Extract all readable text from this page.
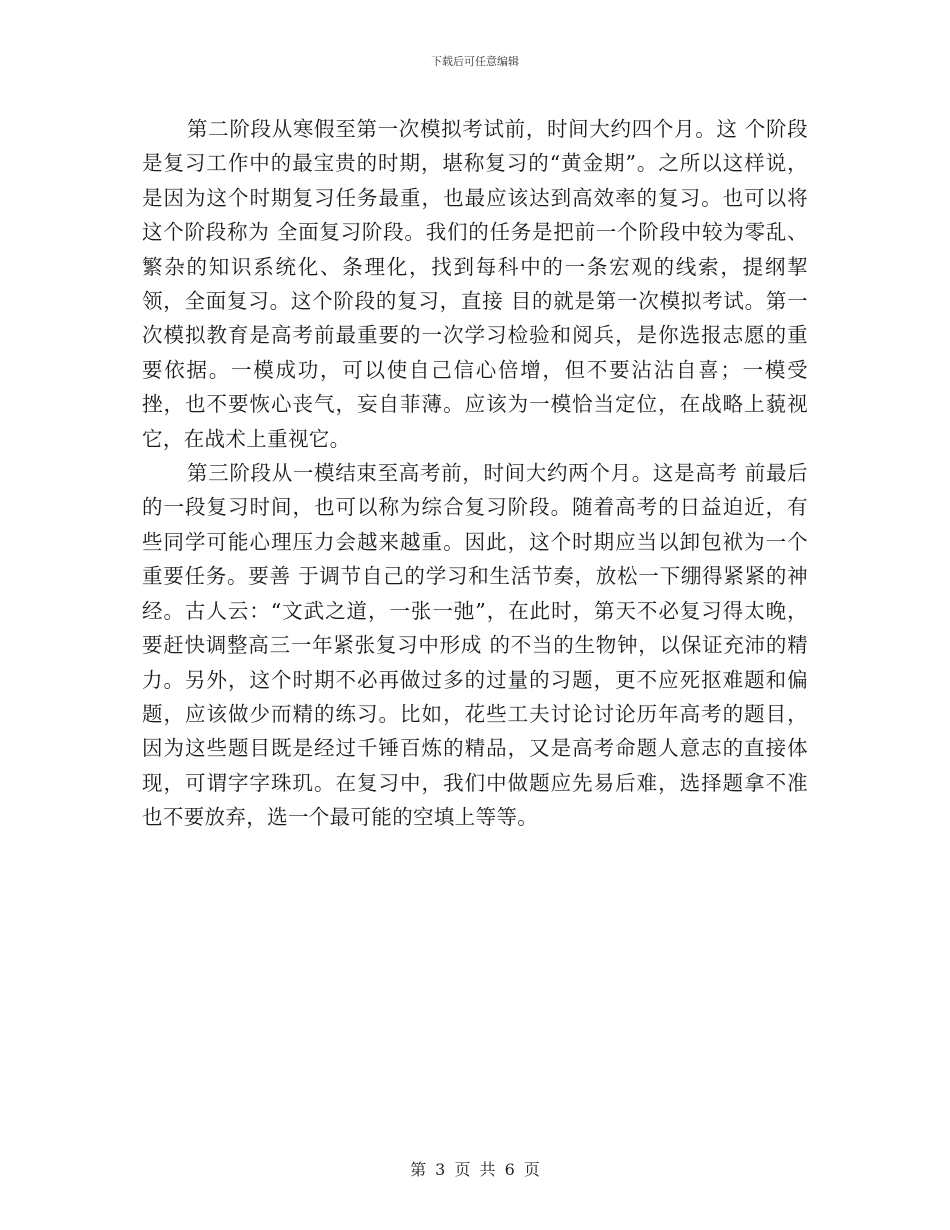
下载后可任意编辑

第二阶段从寒假至第一次模拟考试前，时间大约四个月。这 个阶段是复习工作中的最宝贵的时期，堪称复习的“黄金期”。之所以这样说，是因为这个时期复习任务最重，也最应该达到高效率的复习。也可以将这个阶段称为 全面复习阶段。我们的任务是把前一个阶段中较为零乱、繁杂的知识系统化、条理化，找到每科中的一条宏观的线索，提纲挈领，全面复习。这个阶段的复习，直接 目的就是第一次模拟考试。第一次模拟教育是高考前最重要的一次学习检验和阅兵，是你选报志愿的重要依据。一模成功，可以使自己信心倍增，但不要沾沾自喜；一模受挫，也不要恢心丧气，妄自菲薄。应该为一模恰当定位，在战略上藐视它，在战术上重视它。

第三阶段从一模结束至高考前，时间大约两个月。这是高考 前最后的一段复习时间，也可以称为综合复习阶段。随着高考的日益迫近，有些同学可能心理压力会越来越重。因此，这个时期应当以卸包袱为一个重要任务。要善 于调节自己的学习和生活节奏，放松一下绷得紧紧的神经。古人云：“文武之道，一张一弛”，在此时，第天不必复习得太晚，要赶快调整高三一年紧张复习中形成 的不当的生物钟，以保证充沛的精力。另外，这个时期不必再做过多的过量的习题，更不应死抠难题和偏题，应该做少而精的练习。比如，花些工夫讨论讨论历年高考的题目，因为这些题目既是经过千锤百炼的精品，又是高考命题人意志的直接体现，可谓字字珠玑。在复习中，我们中做题应先易后难，选择题拿不准也不要放弃，选一个最可能的空填上等等。

第 3 页 共 6 页
